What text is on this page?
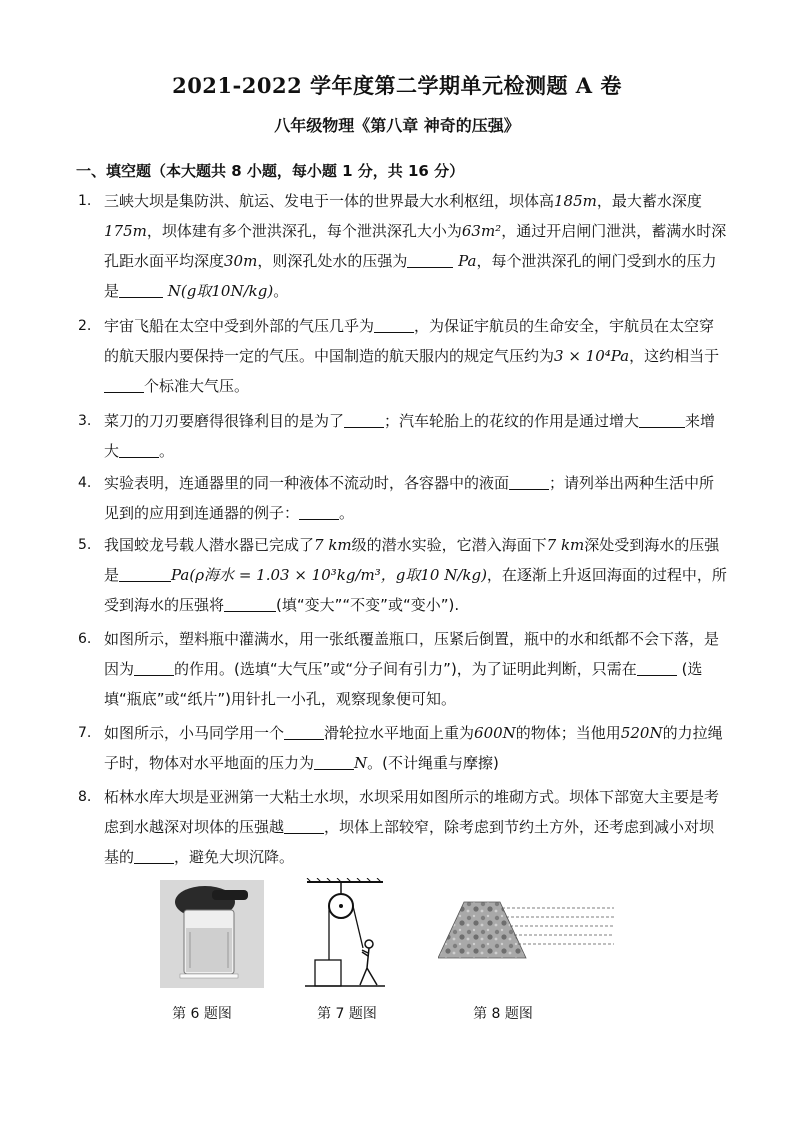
2021-2022 学年度第二学期单元检测题 A 卷
八年级物理《第八章 神奇的压强》
一、填空题（本大题共 8 小题，每小题 1 分，共 16 分）
1. 三峡大坝是集防洪、航运、发电于一体的世界最大水利枢纽，坝体高185m，最大蓄水深度175m，坝体建有多个泄洪深孔，每个泄洪深孔大小为63m²，通过开启闸门泄洪，蓄满水时深孔距水面平均深度30m，则深孔处水的压强为	Pa，每个泄洪深孔的闸门受到水的压力是	N(g取10N/kg)。
2. 宇宙飞船在太空中受到外部的气压几乎为	，为保证宇航员的生命安全，宇航员在太空穿的航天服内要保持一定的气压。中国制造的航天服内的规定气压约为3 × 10⁴Pa，这约相当于个标准大气压。
3. 菜刀的刀刃要磨得很锋利目的是为了	；汽车轮胎上的花纹的作用是通过增大	来增大	。
4. 实验表明，连通器里的同一种液体不流动时，各容器中的液面	；请列举出两种生活中所见到的应用到连通器的例子：	。
5. 我国蛟龙号载人潜水器已完成了7 km级的潜水实验，它潜入海面下7 km深处受到海水的压强是	Pa(ρ海水 = 1.03 × 10³kg/m³，g取10 N/kg)，在逐渐上升返回海面的过程中，所受到海水的压强将	(填“变大”“不变”或“变小”).
6. 如图所示，塑料瓶中灌满水，用一张纸覆盖瓶口，压紧后倒置，瓶中的水和纸都不会下落，是因为	的作用。(选填“大气压”或“分子间有引力”)，为了证明此判断，只需在	(选填“瓶底”或“纸片”)用针扎一小孔，观察现象便可知。
7. 如图所示，小马同学用一个	滑轮拉水平地面上重为600N的物体；当他用520N的力拉绳子时，物体对水平地面的压力为	N。(不计绳重与摩擦)
8. 柘林水库大坝是亚洲第一大粘土水坝，水坝采用如图所示的堆砌方式。坝体下部宽大主要是考虑到水越深对坝体的压强越	，坝体上部较窄，除考虑到节约土方外，还考虑到减小对坝基的	，避免大坝沉降。
第 6 题图	第 7 题图	第 8 题图
